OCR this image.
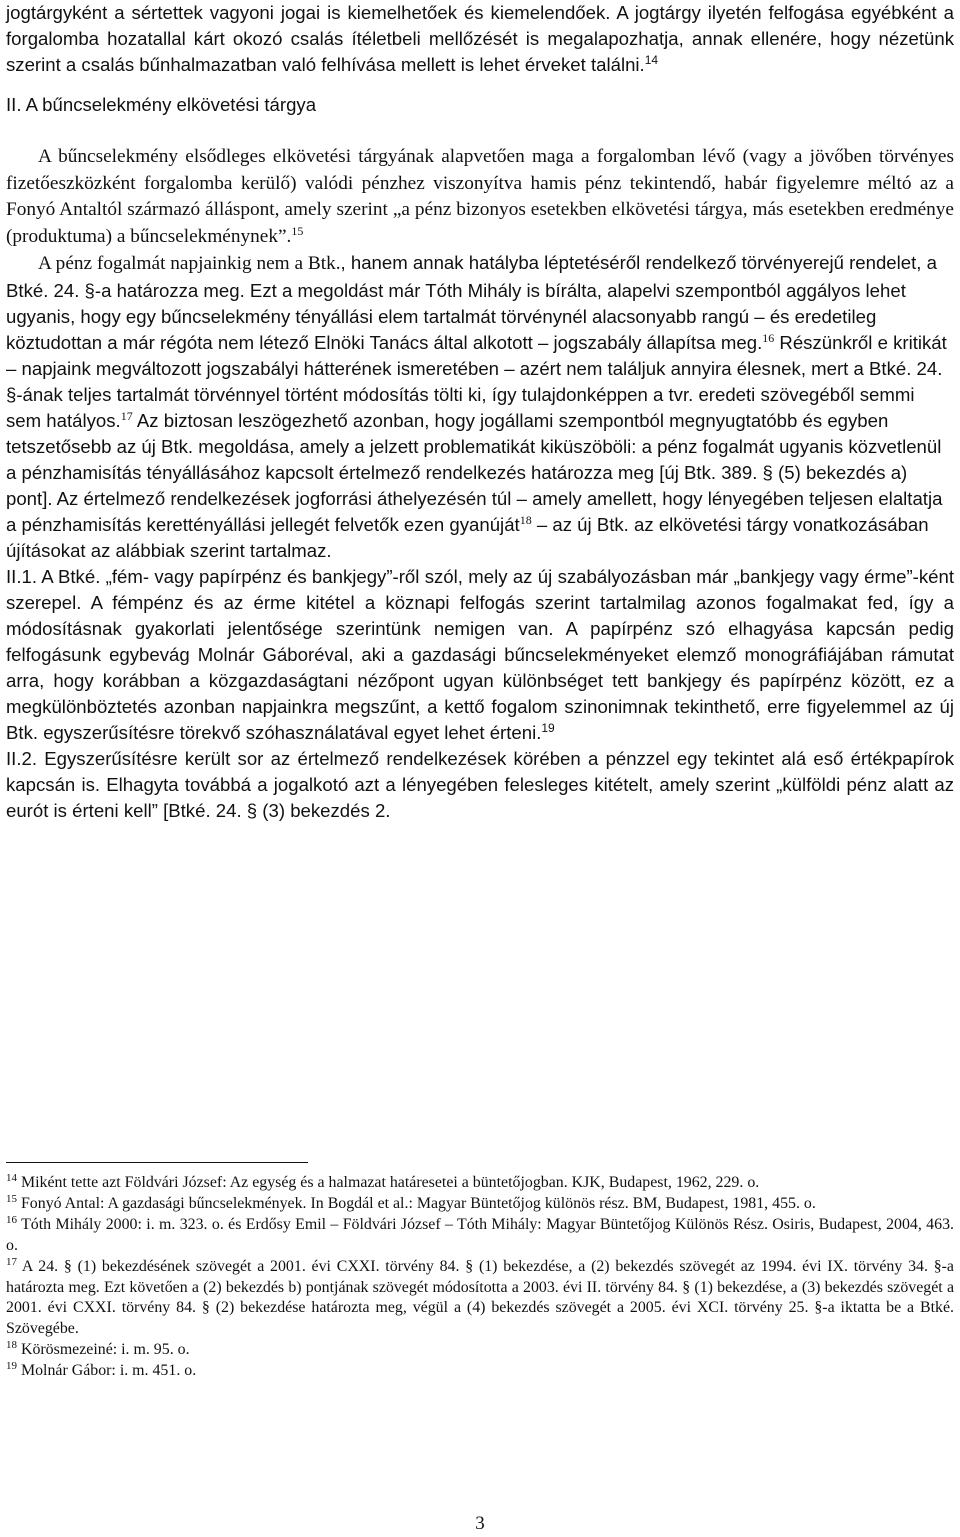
jogtárgyként a sértettek vagyoni jogai is kiemelhetőek és kiemelendőek. A jogtárgy ilyetén felfogása egyébként a forgalomba hozatallal kárt okozó csalás ítéletbeli mellőzését is megalapozhatja, annak ellenére, hogy nézetünk szerint a csalás bűnhalmazatban való felhívása mellett is lehet érveket találni.$^{14}$

II. A bűncselekmény elkövetési tárgya

A bűncselekmény elsődleges elkövetési tárgyának alapvetően maga a forgalomban lévő (vagy a jövőben törvényes fizetőeszközként forgalomba kerülő) valódi pénzhez viszonyítva hamis pénz tekintendő, habár figyelemre méltó az a Fonyó Antaltól származó álláspont, amely szerint „a pénz bizonyos esetekben elkövetési tárgya, más esetekben eredménye (produktuma) a bűncselekménynek”.$^{15}$

A pénz fogalmát napjainkig nem a Btk., hanem annak hatályba léptetéséről rendelkező törvényerejű rendelet, a Btké. 24. §-a határozza meg. Ezt a megoldást már Tóth Mihály is bírálta, alapelvi szempontból aggályos lehet ugyanis, hogy egy bűncselekmény tényállási elem tartalmát törvénynél alacsonyabb rangú – és eredetileg köztudottan a már régóta nem létező Elnöki Tanács által alkotott – jogszabály állapítsa meg.$^{16}$ Részünkről e kritikát – napjaink megváltozott jogszabályi hátterének ismeretében – azért nem találjuk annyira élesnek, mert a Btké. 24. §-ának teljes tartalmát törvénnyel történt módosítás tölti ki, így tulajdonképpen a tvr. eredeti szövegéből semmi sem hatályos.$^{17}$ Az biztosan leszögezhető azonban, hogy jogállami szempontból megnyugtatóbb és egyben tetszetősebb az új Btk. megoldása, amely a jelzett problematikát kiküszöböli: a pénz fogalmát ugyanis közvetlenül a pénzhamisítás tényállásához kapcsolt értelmező rendelkezés határozza meg [új Btk. 389. § (5) bekezdés a) pont]. Az értelmező rendelkezések jogforrási áthelyezésén túl – amely amellett, hogy lényegében teljesen elaltatja a pénzhamisítás kerettényállási jellegét felvetők ezen gyanúját$^{18}$ – az új Btk. az elkövetési tárgy vonatkozásában újításokat az alábbiak szerint tartalmaz.

II.1. A Btké. „fém- vagy papírpénz és bankjegy”-ről szól, mely az új szabályozásban már „bankjegy vagy érme”-ként szerepel. A fémpénz és az érme kitétel a köznapi felfogás szerint tartalmilag azonos fogalmakat fed, így a módosításnak gyakorlati jelentősége szerintünk nemigen van. A papírpénz szó elhagyása kapcsán pedig felfogásunk egybevág Molnár Gáboréval, aki a gazdasági bűncselekményeket elemző monográfiájában rámutat arra, hogy korábban a közgazdaságtani nézőpont ugyan különbséget tett bankjegy és papírpénz között, ez a megkülönböztetés azonban napjainkra megszűnt, a kettő fogalom szinonimnak tekinthető, erre figyelemmel az új Btk. egyszerűsítésre törekvő szóhasználatával egyet lehet érteni.$^{19}$

II.2. Egyszerűsítésre került sor az értelmező rendelkezések körében a pénzzel egy tekintet alá eső értékpapírok kapcsán is. Elhagyta továbbá a jogalkotó azt a lényegében felesleges kitételt, amely szerint „külföldi pénz alatt az eurót is érteni kell” [Btké. 24. § (3) bekezdés 2.

$^{14}$ Miként tette azt Földvári József: Az egység és a halmazat határesetei a büntetőjogban. KJK, Budapest, 1962, 229. o.

$^{15}$ Fonyó Antal: A gazdasági bűncselekmények. In Bogdál et al.: Magyar Büntetőjog különös rész. BM, Budapest, 1981, 455. o.

$^{16}$ Tóth Mihály 2000: i. m. 323. o. és Erdősy Emil – Földvári József – Tóth Mihály: Magyar Büntetőjog Különös Rész. Osiris, Budapest, 2004, 463. o.

$^{17}$ A 24. § (1) bekezdésének szövegét a 2001. évi CXXI. törvény 84. § (1) bekezdése, a (2) bekezdés szövegét az 1994. évi IX. törvény 34. §-a határozta meg. Ezt követően a (2) bekezdés b) pontjának szövegét módosította a 2003. évi II. törvény 84. § (1) bekezdése, a (3) bekezdés szövegét a 2001. évi CXXI. törvény 84. § (2) bekezdése határozta meg, végül a (4) bekezdés szövegét a 2005. évi XCI. törvény 25. §-a iktatta be a Btké. Szövegébe.

$^{18}$ Körösmezeiné: i. m. 95. o.

$^{19}$ Molnár Gábor: i. m. 451. o.

3
